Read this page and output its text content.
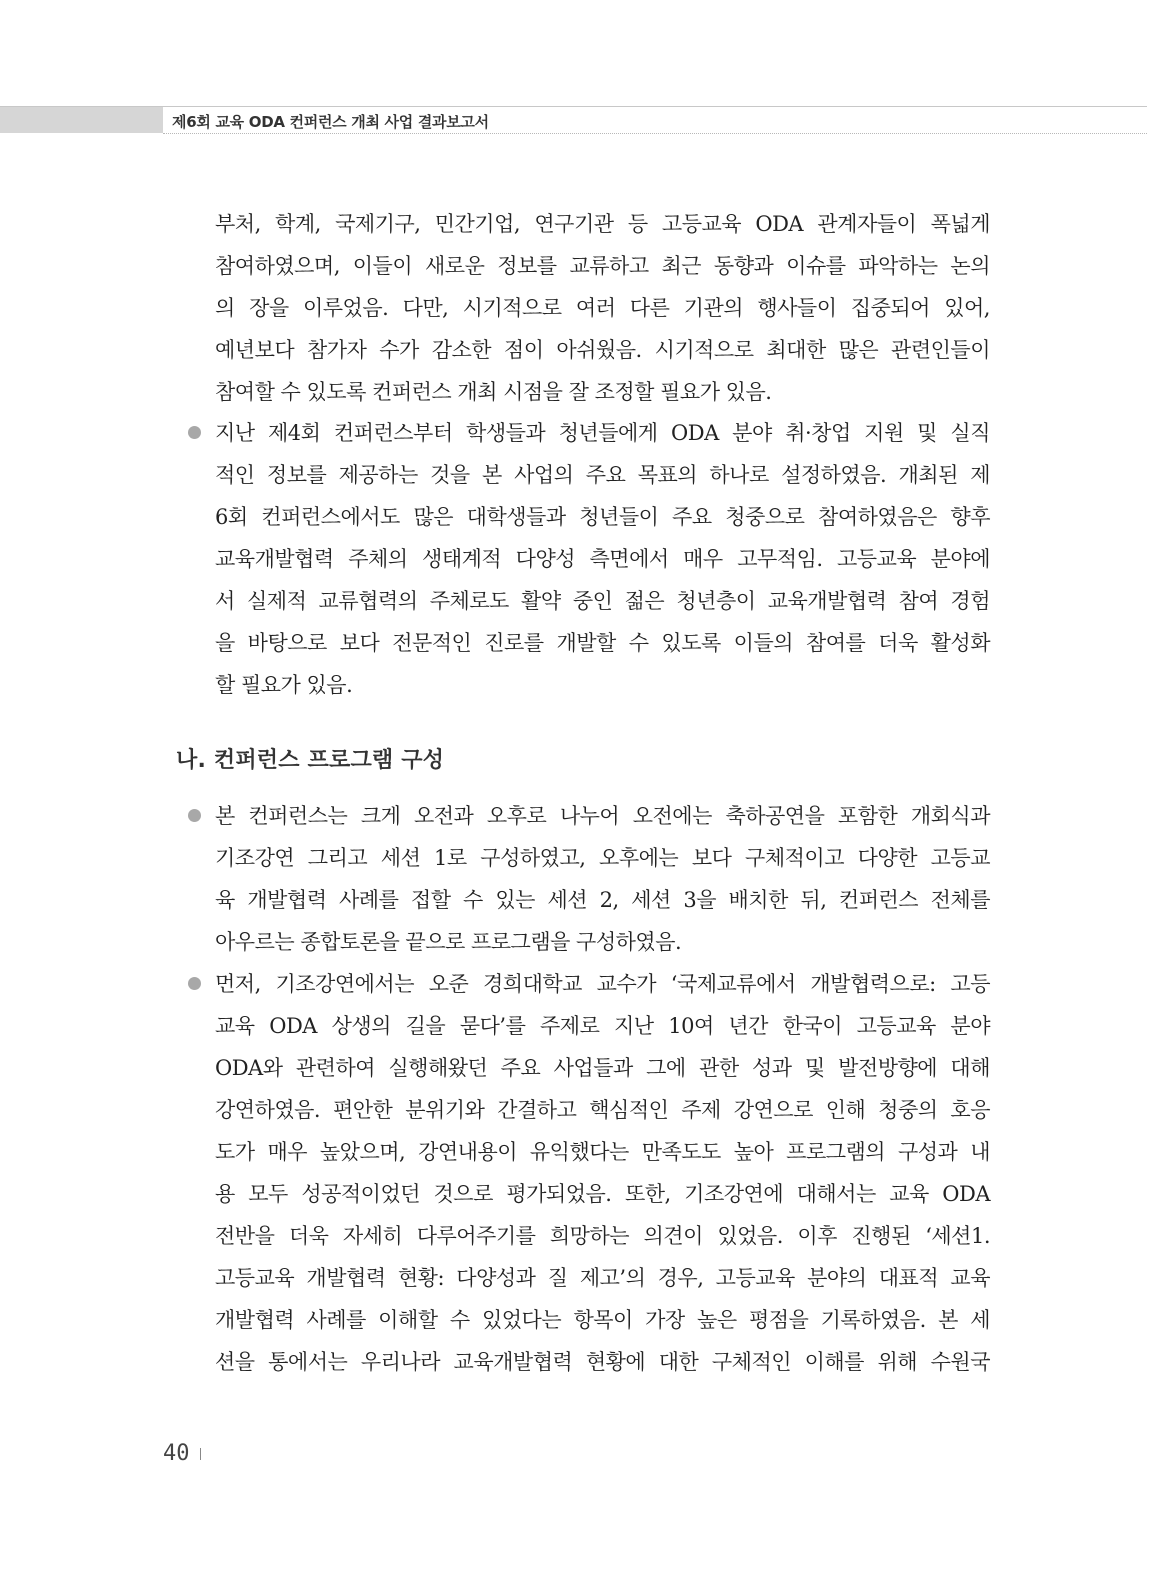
제6회 교육 ODA 컨퍼런스 개최 사업 결과보고서
부처, 학계, 국제기구, 민간기업, 연구기관 등 고등교육 ODA 관계자들이 폭넓게
참여하였으며, 이들이 새로운 정보를 교류하고 최근 동향과 이슈를 파악하는 논의
의 장을 이루었음. 다만, 시기적으로 여러 다른 기관의 행사들이 집중되어 있어,
예년보다 참가자 수가 감소한 점이 아쉬웠음. 시기적으로 최대한 많은 관련인들이
참여할 수 있도록 컨퍼런스 개최 시점을 잘 조정할 필요가 있음.
지난 제4회 컨퍼런스부터 학생들과 청년들에게 ODA 분야 취·창업 지원 및 실직
적인 정보를 제공하는 것을 본 사업의 주요 목표의 하나로 설정하였음. 개최된 제
6회 컨퍼런스에서도 많은 대학생들과 청년들이 주요 청중으로 참여하였음은 향후
교육개발협력 주체의 생태계적 다양성 측면에서 매우 고무적임. 고등교육 분야에
서 실제적 교류협력의 주체로도 활약 중인 젊은 청년층이 교육개발협력 참여 경험
을 바탕으로 보다 전문적인 진로를 개발할 수 있도록 이들의 참여를 더욱 활성화
할 필요가 있음.
나. 컨퍼런스 프로그램 구성
본 컨퍼런스는 크게 오전과 오후로 나누어 오전에는 축하공연을 포함한 개회식과
기조강연 그리고 세션 1로 구성하였고, 오후에는 보다 구체적이고 다양한 고등교
육 개발협력 사례를 접할 수 있는 세션 2, 세션 3을 배치한 뒤, 컨퍼런스 전체를
아우르는 종합토론을 끝으로 프로그램을 구성하였음.
먼저, 기조강연에서는 오준 경희대학교 교수가 ‘국제교류에서 개발협력으로: 고등
교육 ODA 상생의 길을 묻다’를 주제로 지난 10여 년간 한국이 고등교육 분야
ODA와 관련하여 실행해왔던 주요 사업들과 그에 관한 성과 및 발전방향에 대해
강연하였음. 편안한 분위기와 간결하고 핵심적인 주제 강연으로 인해 청중의 호응
도가 매우 높았으며, 강연내용이 유익했다는 만족도도 높아 프로그램의 구성과 내
용 모두 성공적이었던 것으로 평가되었음. 또한, 기조강연에 대해서는 교육 ODA
전반을 더욱 자세히 다루어주기를 희망하는 의견이 있었음. 이후 진행된 ‘세션1.
고등교육 개발협력 현황: 다양성과 질 제고’의 경우, 고등교육 분야의 대표적 교육
개발협력 사례를 이해할 수 있었다는 항목이 가장 높은 평점을 기록하였음. 본 세
션을 통에서는 우리나라 교육개발협력 현황에 대한 구체적인 이해를 위해 수원국
40
